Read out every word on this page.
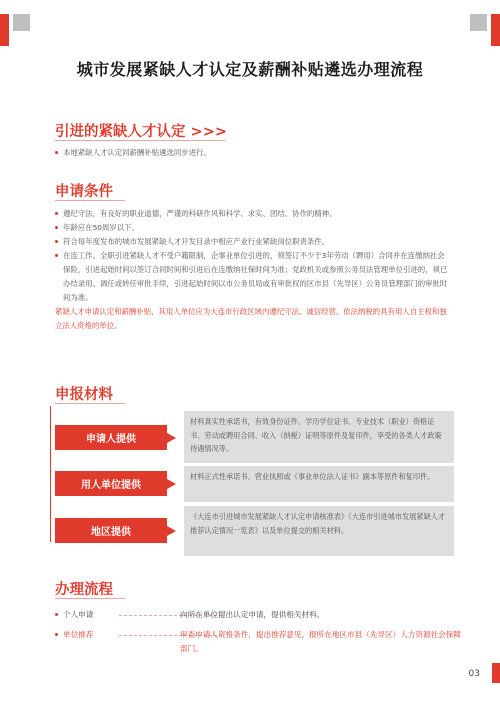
城市发展紧缺人才认定及薪酬补贴遴选办理流程
引进的紧缺人才认定 >>>
本地紧缺人才认定同薪酬补贴遴选同步进行。
申请条件
遵纪守法，有良好的职业道德，严谨的科研作风和科学、求实、团结、协作的精神。
年龄应在50周岁以下。
符合每年度发布的城市发展紧缺人才开发目录中相应产业行业紧缺岗位职责条件。
在连工作。全职引进紧缺人才不受户籍限制，企事业单位引进的，须签订不少于3年劳动（聘用）合同并在连缴纳社会保险，引进起始时间以签订合同时间和引进后在连缴纳社保时间为准；党政机关或参照公务员法管理单位引进的，须已办结录用、调任或转任审批手续，引进起始时间以市公务员局或有审批权的区市县（先导区）公务员管理部门的审批时间为准。
紧缺人才申请认定和薪酬补贴，其用人单位应为大连市行政区域内遵纪守法、诚信经营、依法纳税的具有用人自主权和独立法人资格的单位。
申报材料
申请人提供
材料真实性承诺书，有效身份证件、学历学位证书、专业技术（职业）资格证书、劳动或聘用合同、收入（纳税）证明等原件及复印件，享受的各类人才政策待遇情况等。
用人单位提供
材料正式性承诺书、营业执照或《事业单位法人证书》副本等原件和复印件。
地区提供
《大连市引进城市发展紧缺人才认定申请核准表》《大连市引进城市发展紧缺人才推荐认定情况一览表》以及单位提交的相关材料。
办理流程
个人申请	向所在单位提出认定申请，提供相关材料。
单位推荐	审查申请人资格条件，提出推荐意见，报所在地区市县（先导区）人力资源社会保障部门。
03
